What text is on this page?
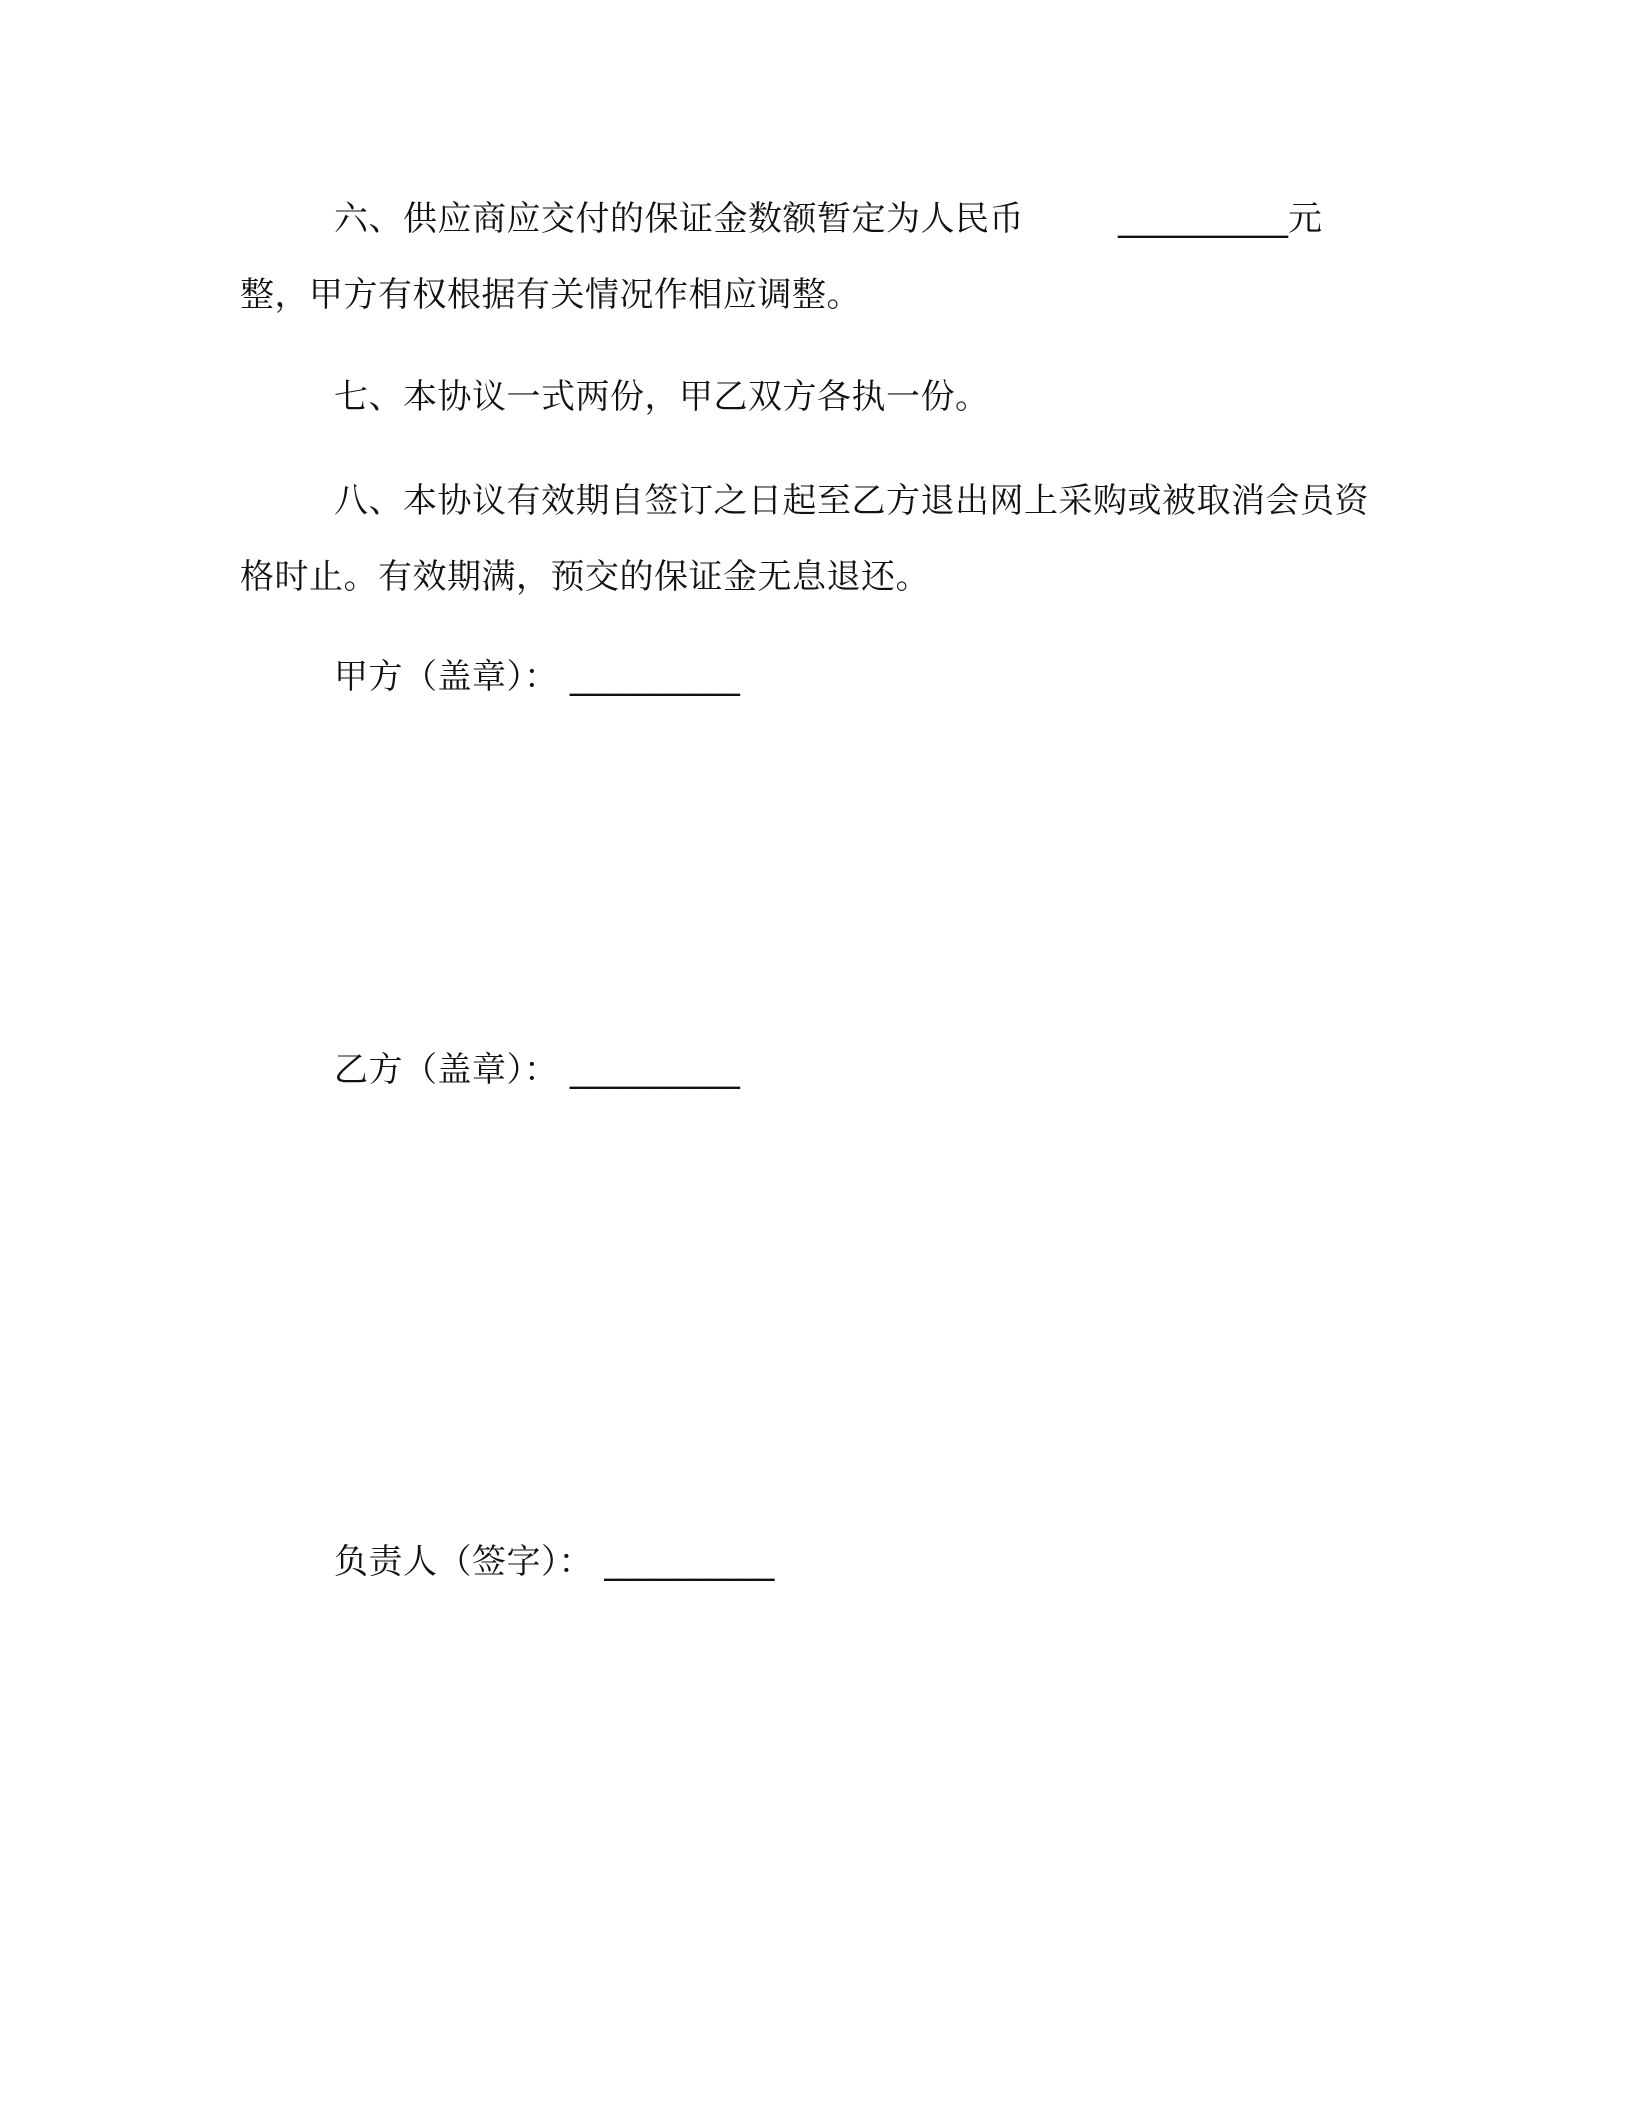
六、供应商应交付的保证金数额暂定为人民币	__________元整，甲方有权根据有关情况作相应调整。

七、本协议一式两份，甲乙双方各执一份。

八、本协议有效期自签订之日起至乙方退出网上采购或被取消会员资格时止。有效期满，预交的保证金无息退还。

甲方（盖章）： __________
乙方（盖章）： __________
负责人（签字）： __________
